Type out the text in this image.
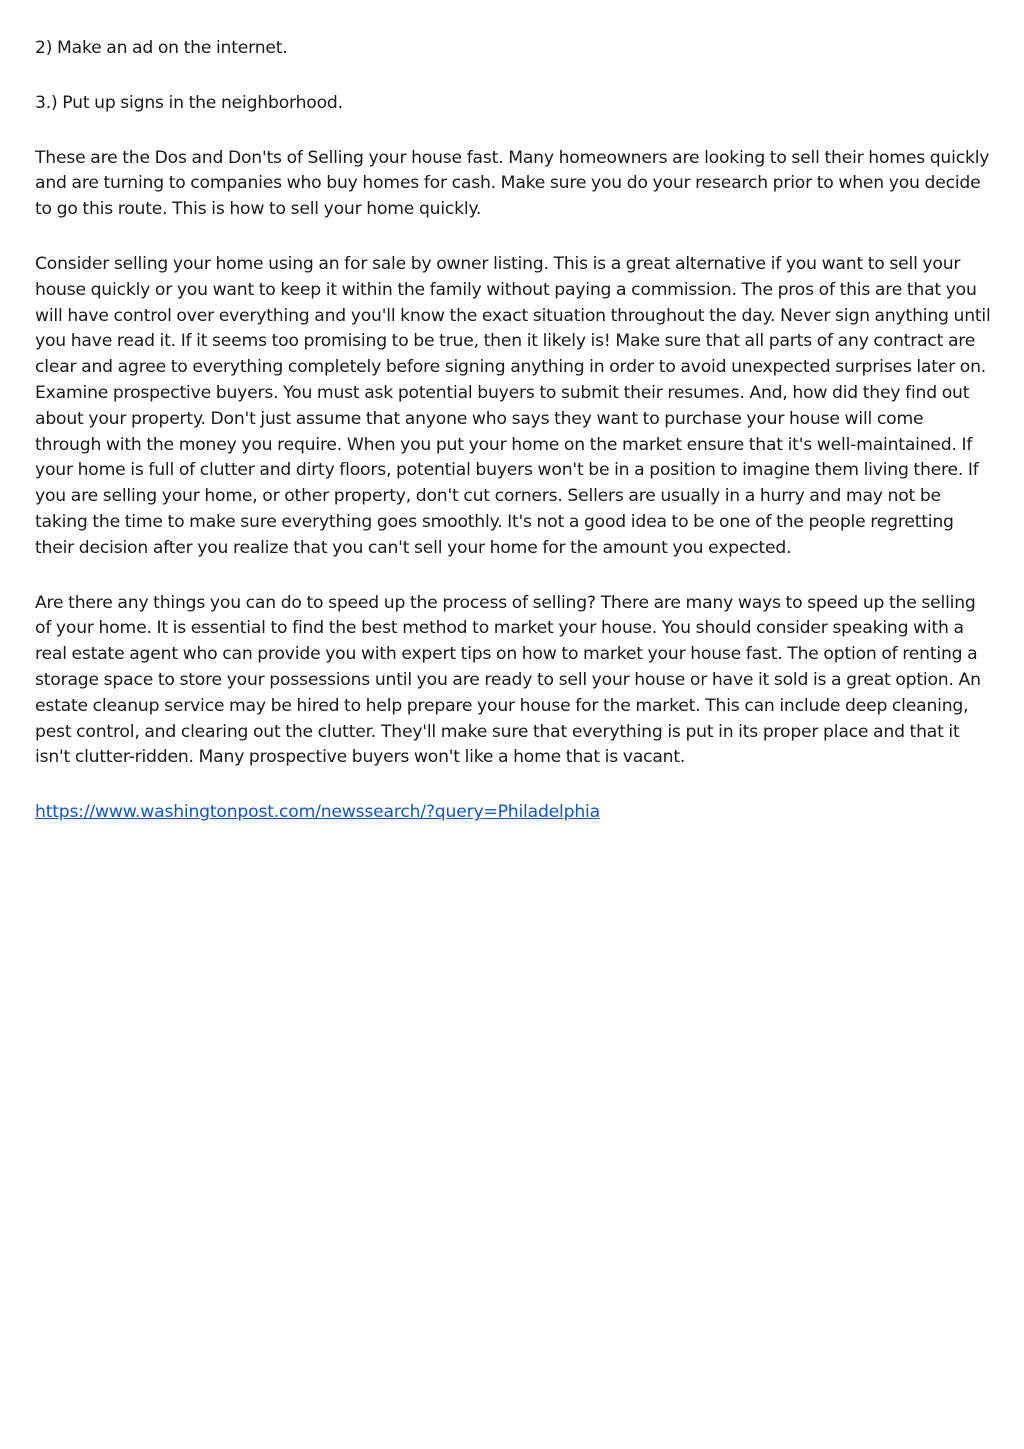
2) Make an ad on the internet.

3.) Put up signs in the neighborhood.

These are the Dos and Don'ts of Selling your house fast. Many homeowners are looking to sell their homes quickly and are turning to companies who buy homes for cash. Make sure you do your research prior to when you decide to go this route. This is how to sell your home quickly.

Consider selling your home using an for sale by owner listing. This is a great alternative if you want to sell your house quickly or you want to keep it within the family without paying a commission. The pros of this are that you will have control over everything and you'll know the exact situation throughout the day. Never sign anything until you have read it. If it seems too promising to be true, then it likely is! Make sure that all parts of any contract are clear and agree to everything completely before signing anything in order to avoid unexpected surprises later on. Examine prospective buyers. You must ask potential buyers to submit their resumes. And, how did they find out about your property. Don't just assume that anyone who says they want to purchase your house will come through with the money you require. When you put your home on the market ensure that it's well-maintained. If your home is full of clutter and dirty floors, potential buyers won't be in a position to imagine them living there. If you are selling your home, or other property, don't cut corners. Sellers are usually in a hurry and may not be taking the time to make sure everything goes smoothly. It's not a good idea to be one of the people regretting their decision after you realize that you can't sell your home for the amount you expected.

Are there any things you can do to speed up the process of selling? There are many ways to speed up the selling of your home. It is essential to find the best method to market your house. You should consider speaking with a real estate agent who can provide you with expert tips on how to market your house fast. The option of renting a storage space to store your possessions until you are ready to sell your house or have it sold is a great option. An estate cleanup service may be hired to help prepare your house for the market. This can include deep cleaning, pest control, and clearing out the clutter. They'll make sure that everything is put in its proper place and that it isn't clutter-ridden. Many prospective buyers won't like a home that is vacant.

https://www.washingtonpost.com/newssearch/?query=Philadelphia
